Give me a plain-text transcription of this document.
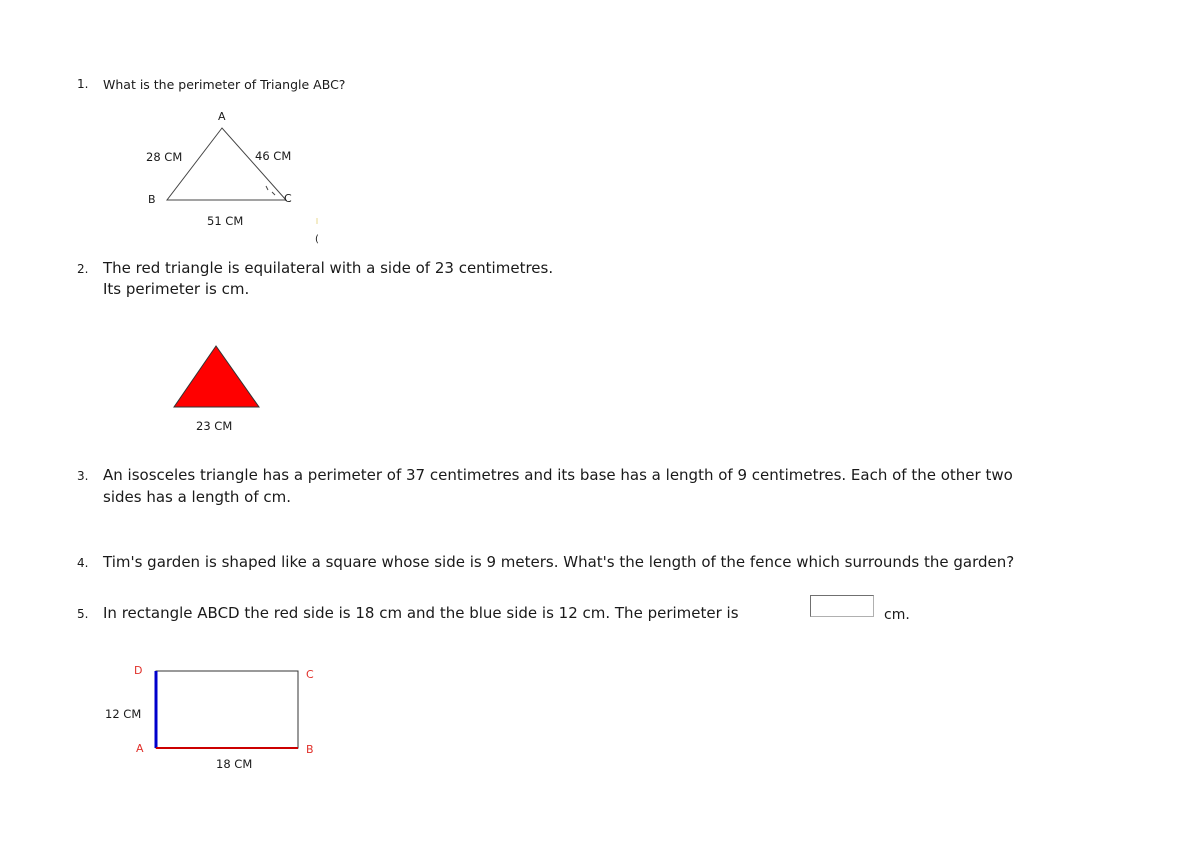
1. What is the perimeter of Triangle ABC?
A
28 CM	46 CM
B	C
51 CM
(
2. The red triangle is equilateral with a side of 23 centimetres.
Its perimeter is cm.
23 CM
3. An isosceles triangle has a perimeter of 37 centimetres and its base has a length of 9 centimetres. Each of the other two
sides has a length of cm.
4. Tim's garden is shaped like a square whose side is 9 meters. What's the length of the fence which surrounds the garden?
5. In rectangle ABCD the red side is 18 cm and the blue side is 12 cm. The perimeter is	cm.
D	C
12 CM
A	B
18 CM
